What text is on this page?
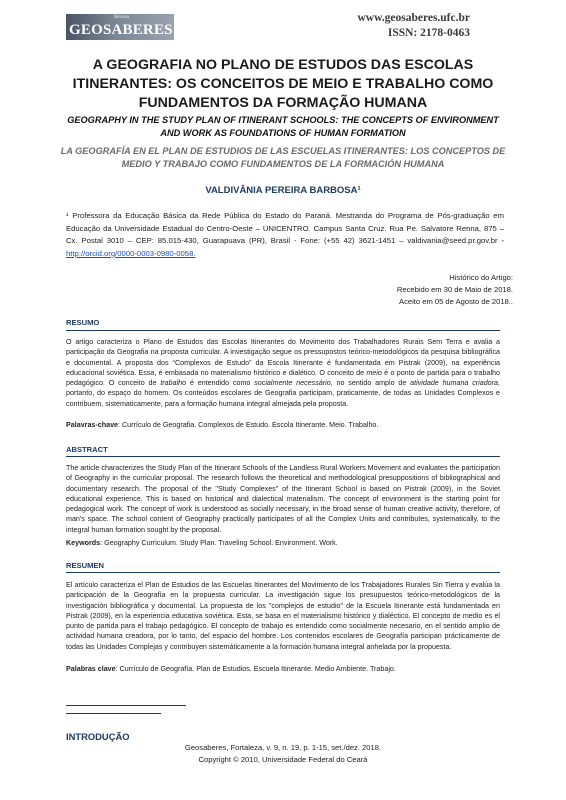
Revista
GEOSABERES
www.geosaberes.ufc.br
ISSN: 2178-0463
A GEOGRAFIA NO PLANO DE ESTUDOS DAS ESCOLAS ITINERANTES: OS CONCEITOS DE MEIO E TRABALHO COMO FUNDAMENTOS DA FORMAÇÃO HUMANA
GEOGRAPHY IN THE STUDY PLAN OF ITINERANT SCHOOLS: THE CONCEPTS OF ENVIRONMENT AND WORK AS FOUNDATIONS OF HUMAN FORMATION
LA GEOGRAFÍA EN EL PLAN DE ESTUDIOS DE LAS ESCUELAS ITINERANTES: LOS CONCEPTOS DE MEDIO Y TRABAJO COMO FUNDAMENTOS DE LA FORMACIÓN HUMANA
VALDIVÂNIA PEREIRA BARBOSA¹
¹ Professora da Educação Básica da Rede Pública do Estado do Paraná. Mestranda do Programa de Pós-graduação em Educação da Universidade Estadual do Centro-Oeste – UNICENTRO. Campus Santa Cruz. Rua Pe. Salvatore Renna, 875 – Cx. Postal 3010 – CEP: 85.015-430, Guarapuava (PR), Brasil - Fone: (+55 42) 3621-1451 – valdivania@seed.pr.gov.br - http://orcid.org/0000-0003-0980-0058.
Histórico do Artigo:
Recebido em 30 de Maio de 2018.
Aceito em 05 de Agosto de 2018..
RESUMO
O artigo caracteriza o Plano de Estudos das Escolas Itinerantes do Movimento dos Trabalhadores Rurais Sem Terra e avalia a participação da Geografia na proposta curricular. A investigação segue os pressupostos teórico-metodológicos da pesquisa bibliográfica e documental. A proposta dos “Complexos de Estudo” da Escola Itinerante é fundamentada em Pistrak (2009), na experiência educacional soviética. Essa, é embasada no materialismo histórico e dialético. O conceito de meio é o ponto de partida para o trabalho pedagógico. O conceito de trabalho é entendido como socialmente necessário, no sentido amplo de atividade humana criadora, portanto, do espaço do homem. Os conteúdos escolares de Geografia participam, praticamente, de todas as Unidades Complexos e contribuem, sistematicamente, para a formação humana integral almejada pela proposta.
Palavras-chave: Currículo de Geografia. Complexos de Estudo. Escola Itinerante. Meio. Trabalho.
ABSTRACT
The article characterizes the Study Plan of the Itinerant Schools of the Landless Rural Workers Movement and evaluates the participation of Geography in the curricular proposal. The research follows the theoretical and methodological presuppositions of bibliographical and documentary research. The proposal of the "Study Complexes" of the Itinerant School is based on Pistrak (2009), in the Soviet educational experience. This is based on historical and dialectical materialism. The concept of environment is the starting point for pedagogical work. The concept of work is understood as socially necessary, in the broad sense of human creative activity, therefore, of man's space. The school content of Geography practically participates of all the Complex Units and contributes, systematically, to the integral human formation sought by the proposal.
Keywords: Geography Curriculum. Study Plan. Traveling School. Environment. Work.
RESUMEN
El artículo caracteriza el Plan de Estudios de las Escuelas Itinerantes del Movimiento de los Trabajadores Rurales Sin Tierra y evalúa la participación de la Geografía en la propuesta curricular. La investigación sigue los presupuestos teórico-metodológicos de la investigación bibliográfica y documental. La propuesta de los "complejos de estudio" de la Escuela Itinerante está fundamentada en Pistrak (2009), en la experiencia educativa soviética. Esta, se basa en el materialismo histórico y dialéctico. El concepto de medio es el punto de partida para el trabajo pedagógico. El concepto de trabajo es entendido como socialmente necesario, en el sentido amplio de actividad humana creadora, por lo tanto, del espacio del hombre. Los contenidos escolares de Geografía participan prácticamente de todas las Unidades Complejas y contribuyen sistemáticamente a la formación humana integral anhelada por la propuesta.
Palabras clave: Currículo de Geografía. Plan de Estudios. Escuela Itinerante. Medio Ambiente. Trabajo.
INTRODUÇÃO
Geosaberes, Fortaleza, v. 9, n. 19, p. 1-15, set./dez. 2018.
Copyright © 2010, Universidade Federal do Ceará
